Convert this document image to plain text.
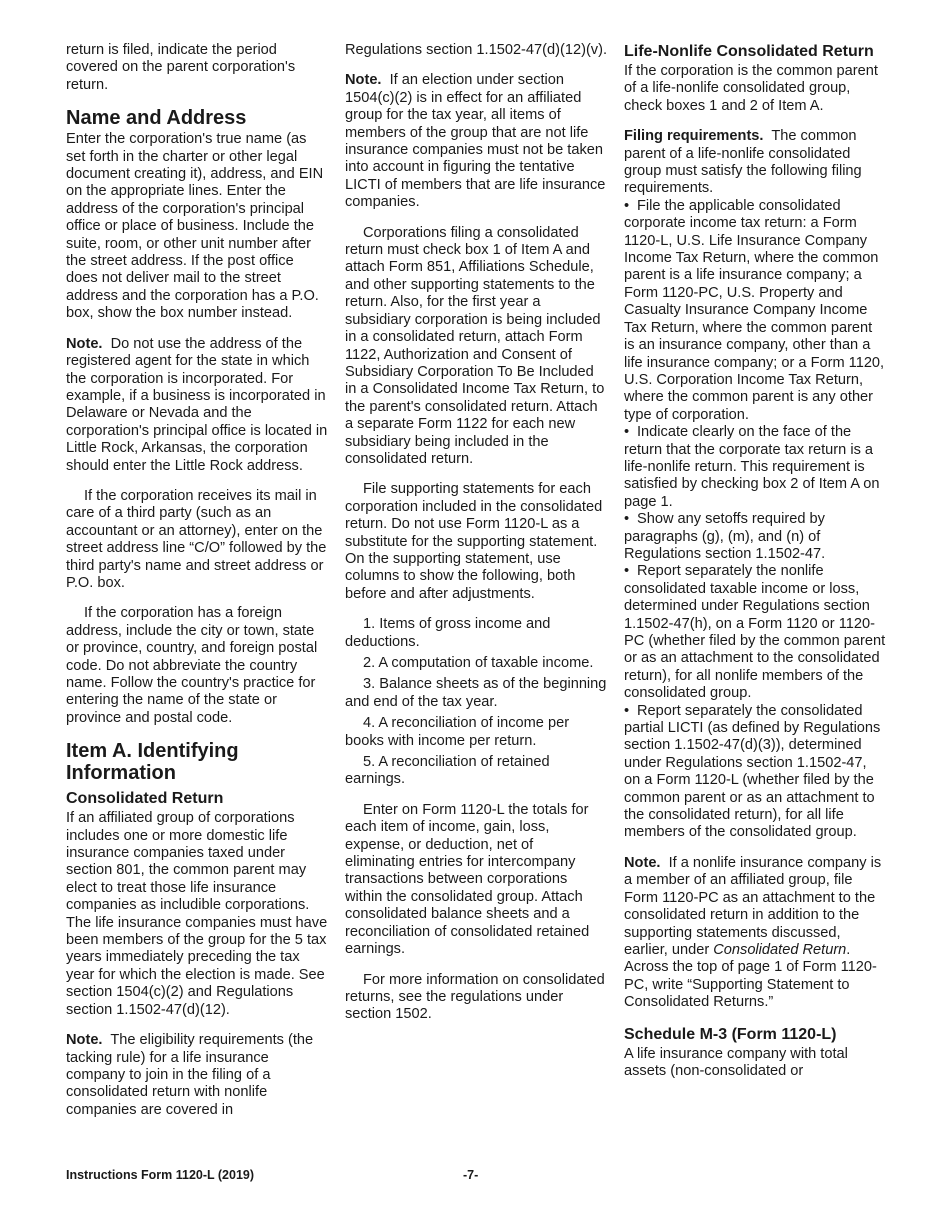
return is filed, indicate the period covered on the parent corporation's return.

Name and Address

Enter the corporation's true name (as set forth in the charter or other legal document creating it), address, and EIN on the appropriate lines. Enter the address of the corporation's principal office or place of business. Include the suite, room, or other unit number after the street address. If the post office does not deliver mail to the street address and the corporation has a P.O. box, show the box number instead.

Note. Do not use the address of the registered agent for the state in which the corporation is incorporated. For example, if a business is incorporated in Delaware or Nevada and the corporation's principal office is located in Little Rock, Arkansas, the corporation should enter the Little Rock address.

If the corporation receives its mail in care of a third party (such as an accountant or an attorney), enter on the street address line “C/O” followed by the third party's name and street address or P.O. box.

If the corporation has a foreign address, include the city or town, state or province, country, and foreign postal code. Do not abbreviate the country name. Follow the country's practice for entering the name of the state or province and postal code.

Item A. Identifying Information
Consolidated Return

If an affiliated group of corporations includes one or more domestic life insurance companies taxed under section 801, the common parent may elect to treat those life insurance companies as includible corporations. The life insurance companies must have been members of the group for the 5 tax years immediately preceding the tax year for which the election is made. See section 1504(c)(2) and Regulations section 1.1502-47(d)(12).

Note. The eligibility requirements (the tacking rule) for a life insurance company to join in the filing of a consolidated return with nonlife companies are covered in

Regulations section 1.1502-47(d)(12)(v).

Note. If an election under section 1504(c)(2) is in effect for an affiliated group for the tax year, all items of members of the group that are not life insurance companies must not be taken into account in figuring the tentative LICTI of members that are life insurance companies.

Corporations filing a consolidated return must check box 1 of Item A and attach Form 851, Affiliations Schedule, and other supporting statements to the return. Also, for the first year a subsidiary corporation is being included in a consolidated return, attach Form 1122, Authorization and Consent of Subsidiary Corporation To Be Included in a Consolidated Income Tax Return, to the parent's consolidated return. Attach a separate Form 1122 for each new subsidiary being included in the consolidated return.

File supporting statements for each corporation included in the consolidated return. Do not use Form 1120-L as a substitute for the supporting statement. On the supporting statement, use columns to show the following, both before and after adjustments.

1. Items of gross income and deductions.

2. A computation of taxable income.

3. Balance sheets as of the beginning and end of the tax year.

4. A reconciliation of income per books with income per return.

5. A reconciliation of retained earnings.

Enter on Form 1120-L the totals for each item of income, gain, loss, expense, or deduction, net of eliminating entries for intercompany transactions between corporations within the consolidated group. Attach consolidated balance sheets and a reconciliation of consolidated retained earnings.

For more information on consolidated returns, see the regulations under section 1502.

Life-Nonlife Consolidated Return

If the corporation is the common parent of a life-nonlife consolidated group, check boxes 1 and 2 of Item A.

Filing requirements. The common parent of a life-nonlife consolidated group must satisfy the following filing requirements.

• File the applicable consolidated corporate income tax return: a Form 1120-L, U.S. Life Insurance Company Income Tax Return, where the common parent is a life insurance company; a Form 1120-PC, U.S. Property and Casualty Insurance Company Income Tax Return, where the common parent is an insurance company, other than a life insurance company; or a Form 1120, U.S. Corporation Income Tax Return, where the common parent is any other type of corporation.

• Indicate clearly on the face of the return that the corporate tax return is a life-nonlife return. This requirement is satisfied by checking box 2 of Item A on page 1.

• Show any setoffs required by paragraphs (g), (m), and (n) of Regulations section 1.1502-47.

• Report separately the nonlife consolidated taxable income or loss, determined under Regulations section 1.1502-47(h), on a Form 1120 or 1120-PC (whether filed by the common parent or as an attachment to the consolidated return), for all nonlife members of the consolidated group.

• Report separately the consolidated partial LICTI (as defined by Regulations section 1.1502-47(d)(3)), determined under Regulations section 1.1502-47, on a Form 1120-L (whether filed by the common parent or as an attachment to the consolidated return), for all life members of the consolidated group.

Note. If a nonlife insurance company is a member of an affiliated group, file Form 1120-PC as an attachment to the consolidated return in addition to the supporting statements discussed, earlier, under Consolidated Return. Across the top of page 1 of Form 1120-PC, write “Supporting Statement to Consolidated Returns.”

Schedule M-3 (Form 1120-L)

A life insurance company with total assets (non-consolidated or

Instructions Form 1120-L (2019)	-7-
